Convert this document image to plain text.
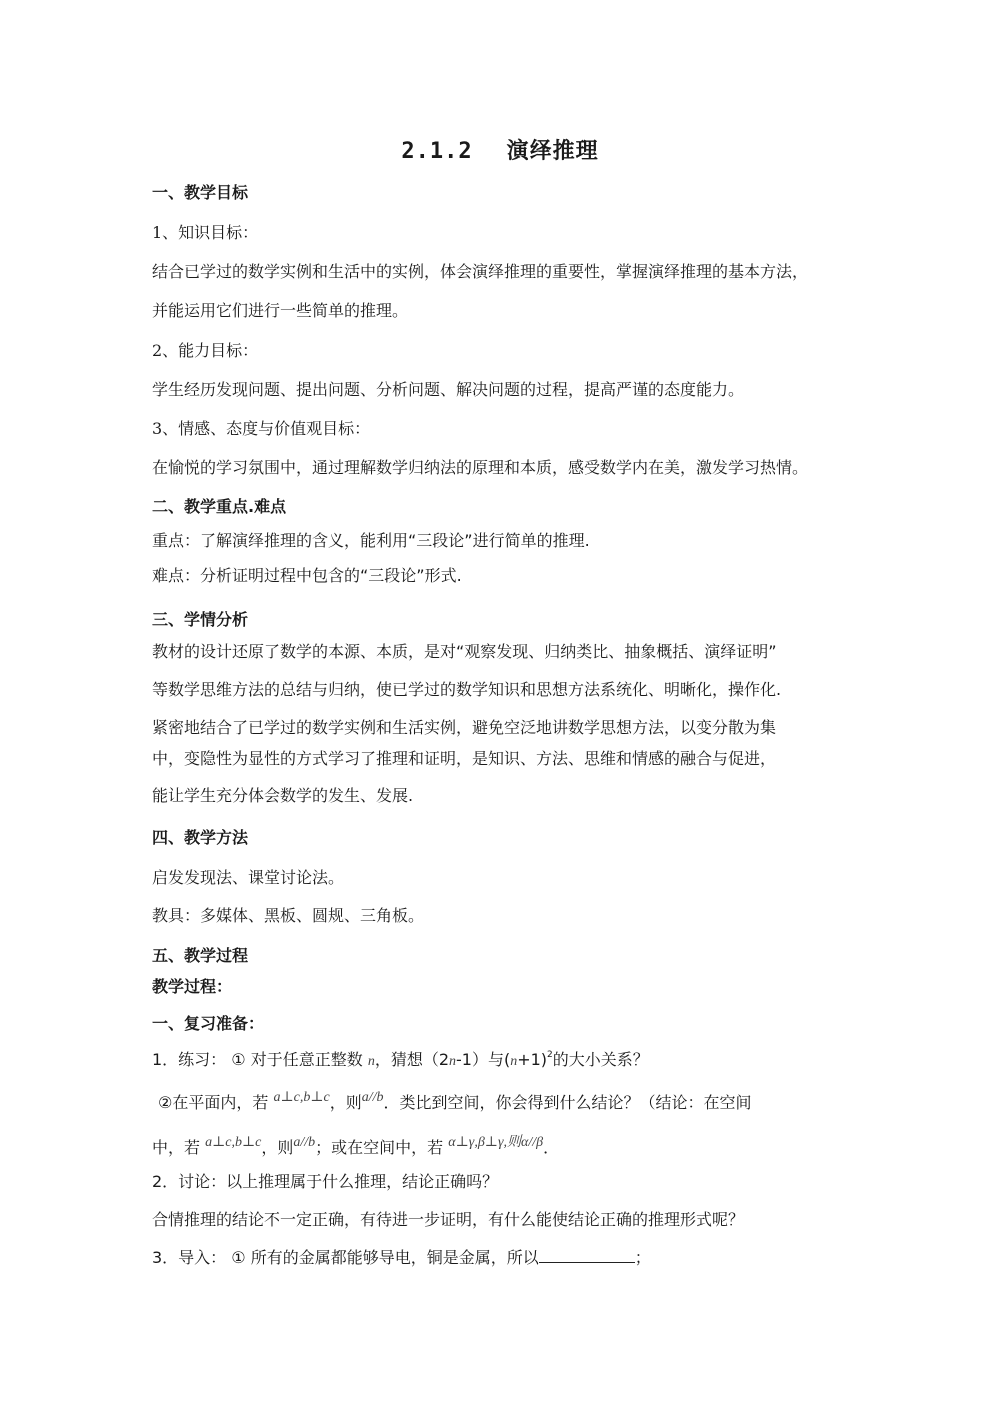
2.1.2 演绎推理
一、教学目标
1、知识目标：
结合已学过的数学实例和生活中的实例，体会演绎推理的重要性，掌握演绎推理的基本方法，
并能运用它们进行一些简单的推理。
2、能力目标：
学生经历发现问题、提出问题、分析问题、解决问题的过程，提高严谨的态度能力。
3、情感、态度与价值观目标：
在愉悦的学习氛围中，通过理解数学归纳法的原理和本质，感受数学内在美，激发学习热情。
二、教学重点.难点
重点：了解演绎推理的含义，能利用“三段论”进行简单的推理.
难点：分析证明过程中包含的“三段论”形式.
三、学情分析
教材的设计还原了数学的本源、本质，是对“观察发现、归纳类比、抽象概括、演绎证明”
等数学思维方法的总结与归纳，使已学过的数学知识和思想方法系统化、明晰化，操作化.
紧密地结合了已学过的数学实例和生活实例，避免空泛地讲数学思想方法，以变分散为集
中，变隐性为显性的方式学习了推理和证明，是知识、方法、思维和情感的融合与促进，
能让学生充分体会数学的发生、发展.
四、教学方法
启发发现法、课堂讨论法。
教具：多媒体、黑板、圆规、三角板。
五、教学过程
教学过程：
一、复习准备：
1．练习： ① 对于任意正整数 n，猜想（2n-1）与$(n+1)^2$的大小关系？
②在平面内，若 a⊥c,b⊥c，则a//b．类比到空间，你会得到什么结论？（结论：在空间
中，若 a⊥c,b⊥c，则a//b；或在空间中，若 α⊥γ,β⊥γ,则α//β．
2．讨论：以上推理属于什么推理，结论正确吗？
合情推理的结论不一定正确，有待进一步证明，有什么能使结论正确的推理形式呢？
3．导入： ① 所有的金属都能够导电，铜是金属，所以	；
